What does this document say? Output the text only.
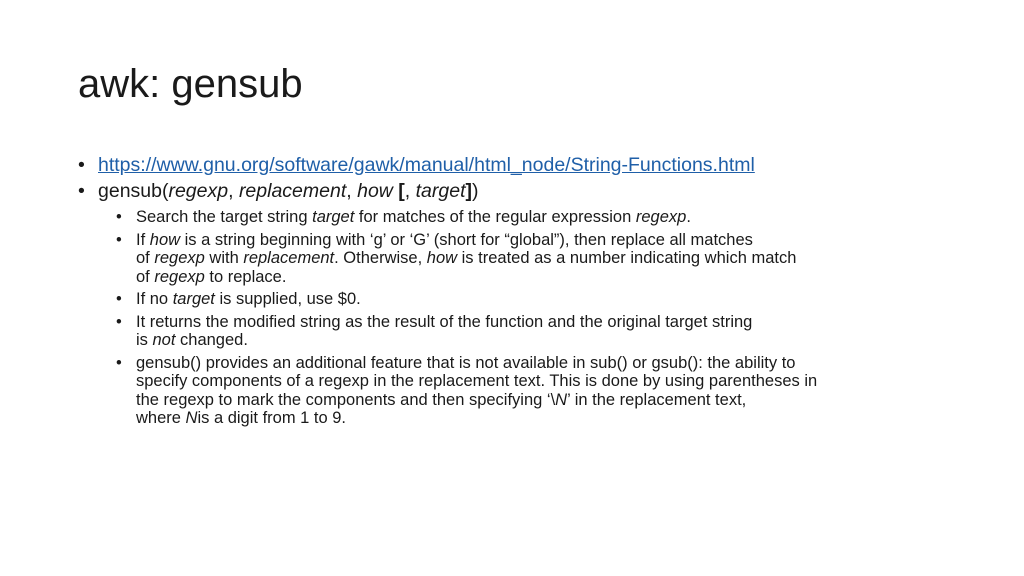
awk: gensub
• https://www.gnu.org/software/gawk/manual/html_node/String-Functions.html
• gensub(regexp, replacement, how [, target])
• Search the target string target for matches of the regular expression regexp.
• If how is a string beginning with ‘g’ or ‘G’ (short for “global”), then replace all matches
of regexp with replacement. Otherwise, how is treated as a number indicating which match
of regexp to replace.
• If no target is supplied, use $0.
• It returns the modified string as the result of the function and the original target string
is not changed.
• gensub() provides an additional feature that is not available in sub() or gsub(): the ability to
specify components of a regexp in the replacement text. This is done by using parentheses in
the regexp to mark the components and then specifying ‘\N’ in the replacement text,
where Nis a digit from 1 to 9.
